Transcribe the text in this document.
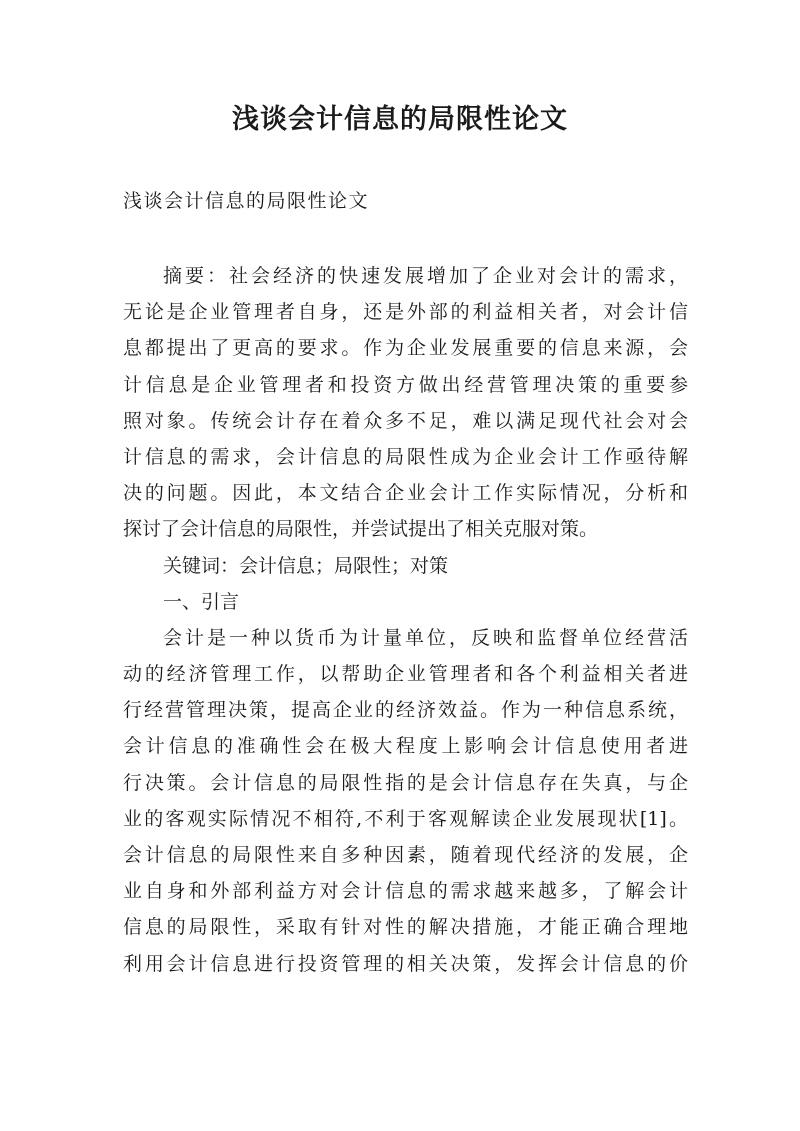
浅谈会计信息的局限性论文

浅谈会计信息的局限性论文

摘要：社会经济的快速发展增加了企业对会计的需求，

无论是企业管理者自身，还是外部的利益相关者，对会计信

息都提出了更高的要求。作为企业发展重要的信息来源，会

计信息是企业管理者和投资方做出经营管理决策的重要参

照对象。传统会计存在着众多不足，难以满足现代社会对会

计信息的需求，会计信息的局限性成为企业会计工作亟待解

决的问题。因此，本文结合企业会计工作实际情况，分析和

探讨了会计信息的局限性，并尝试提出了相关克服对策。

关键词：会计信息；局限性；对策

一、引言

会计是一种以货币为计量单位，反映和监督单位经营活

动的经济管理工作，以帮助企业管理者和各个利益相关者进

行经营管理决策，提高企业的经济效益。作为一种信息系统，

会计信息的准确性会在极大程度上影响会计信息使用者进

行决策。会计信息的局限性指的是会计信息存在失真，与企

业的客观实际情况不相符,不利于客观解读企业发展现状[1]。

会计信息的局限性来自多种因素，随着现代经济的发展，企

业自身和外部利益方对会计信息的需求越来越多，了解会计

信息的局限性，采取有针对性的解决措施，才能正确合理地

利用会计信息进行投资管理的相关决策，发挥会计信息的价
